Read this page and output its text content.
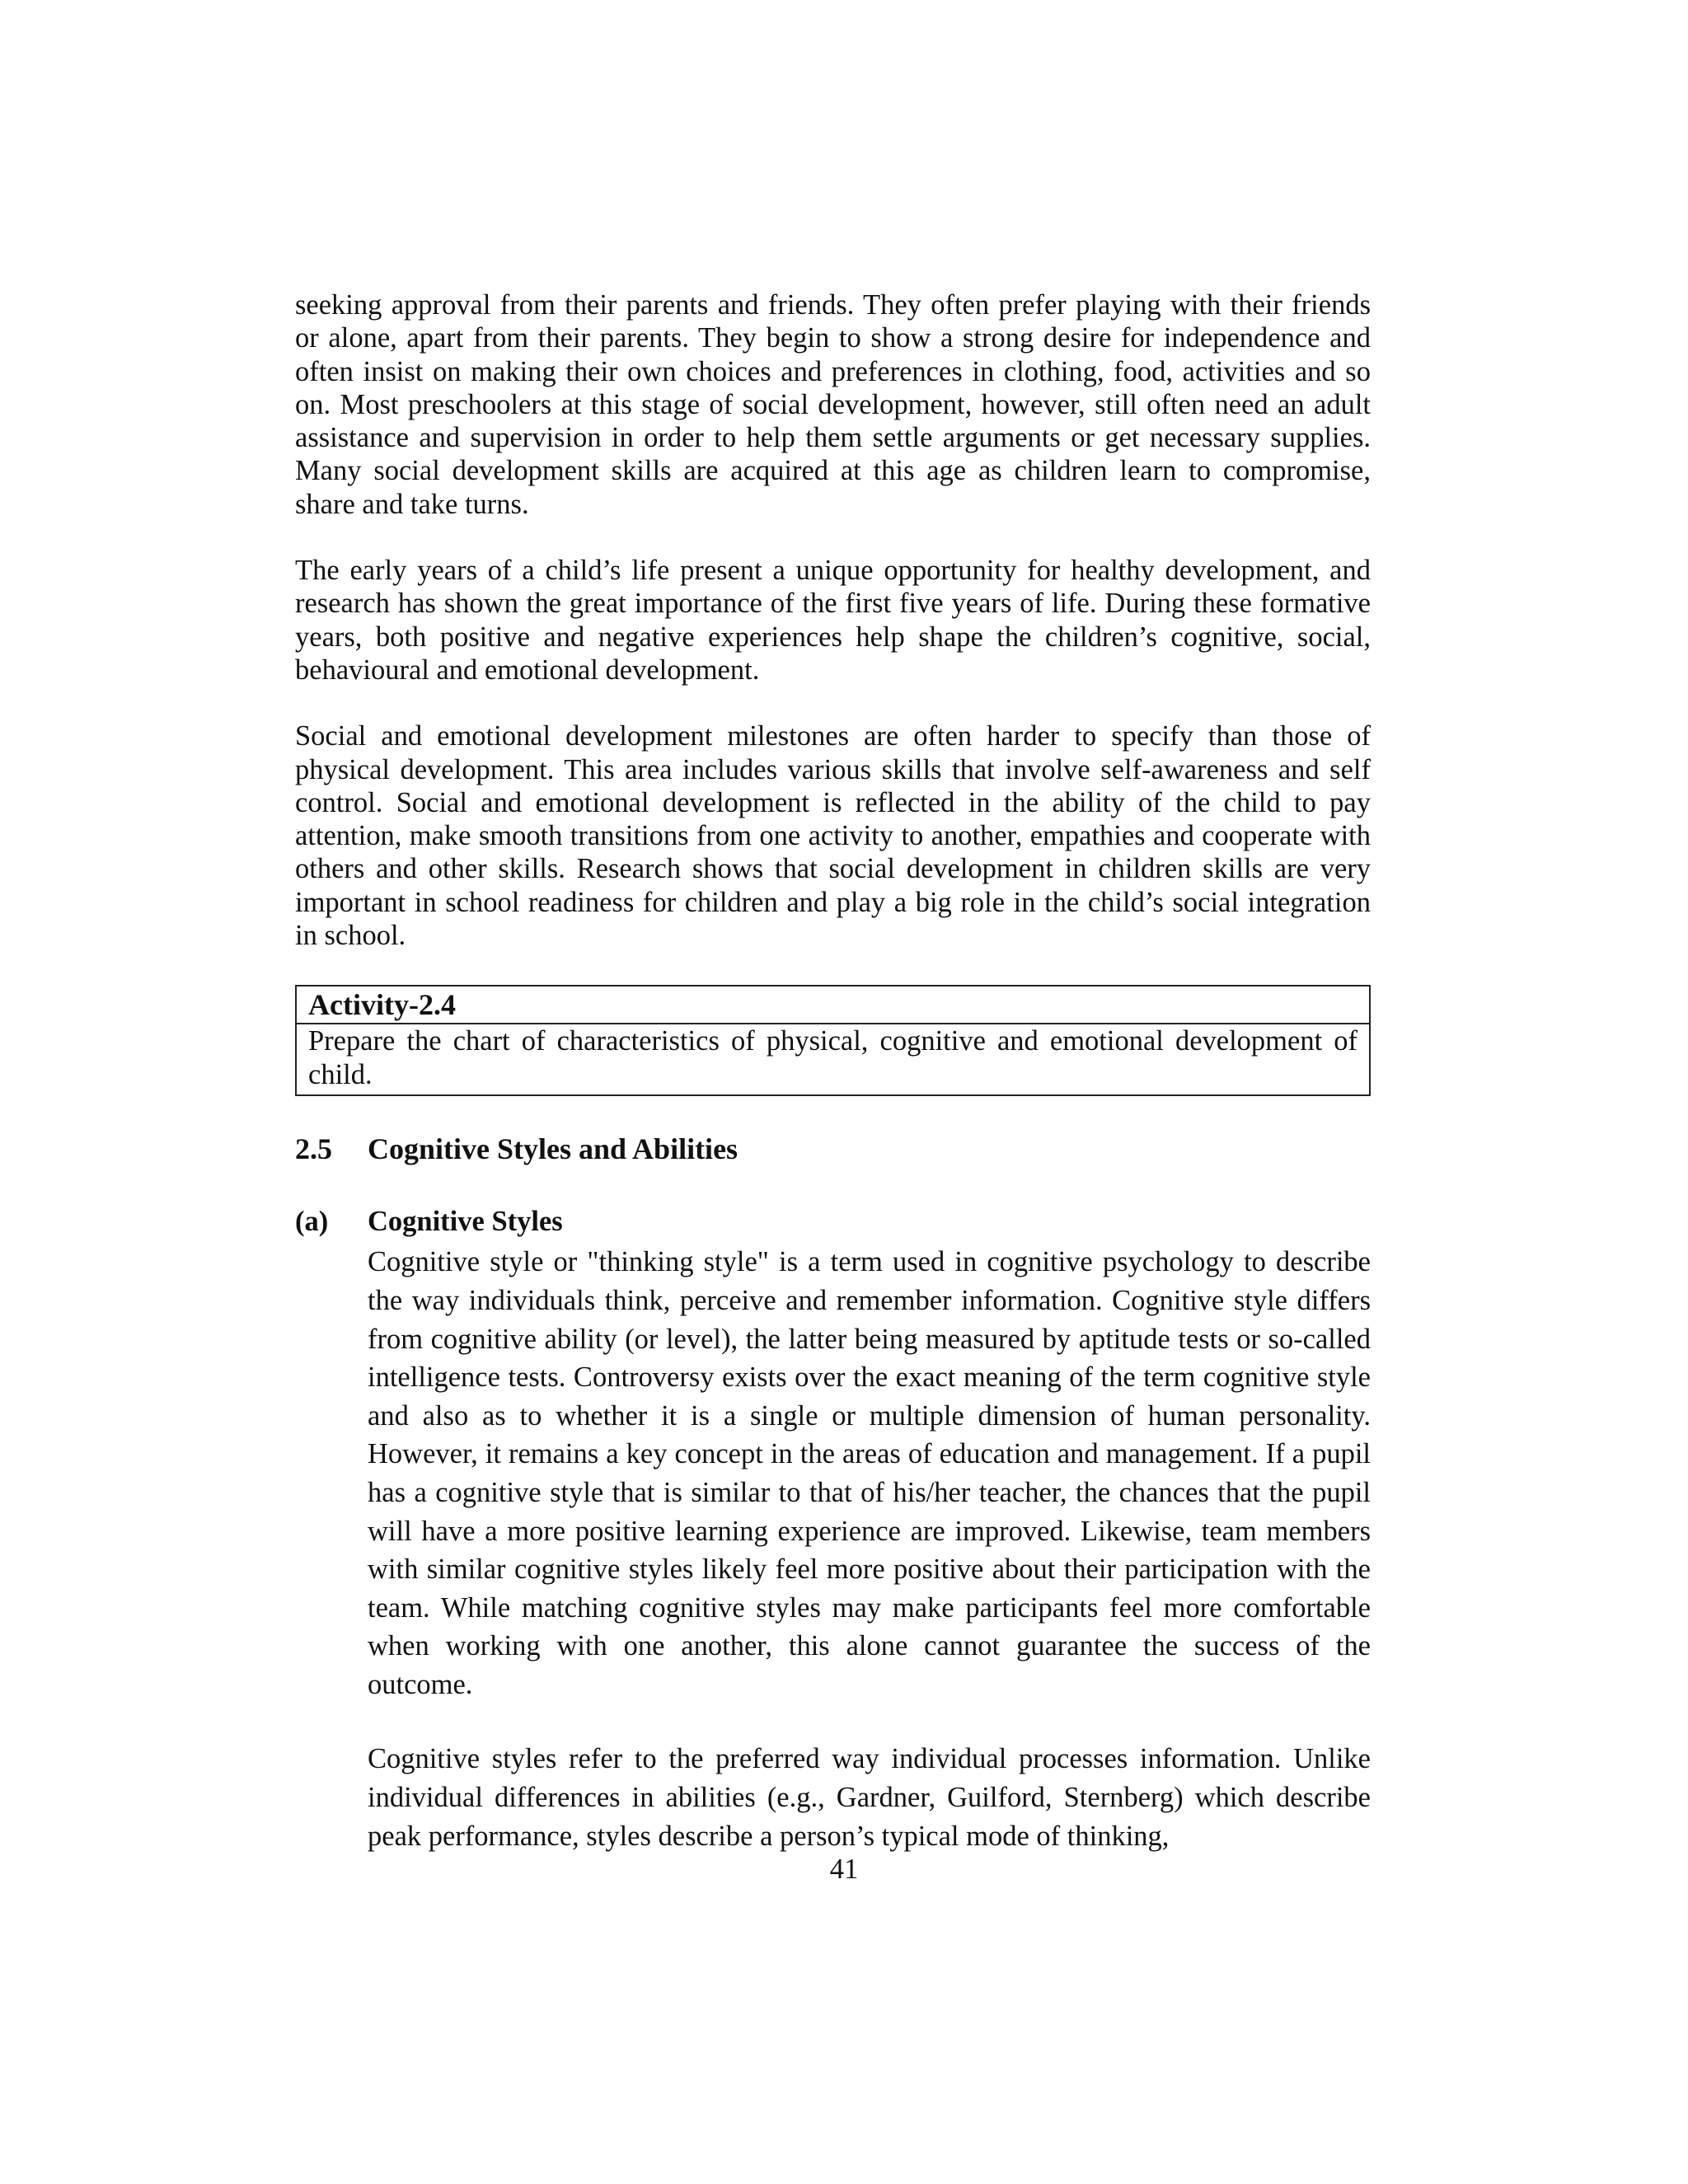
seeking approval from their parents and friends. They often prefer playing with their friends or alone, apart from their parents. They begin to show a strong desire for independence and often insist on making their own choices and preferences in clothing, food, activities and so on. Most preschoolers at this stage of social development, however, still often need an adult assistance and supervision in order to help them settle arguments or get necessary supplies. Many social development skills are acquired at this age as children learn to compromise, share and take turns.

The early years of a child’s life present a unique opportunity for healthy development, and research has shown the great importance of the first five years of life. During these formative years, both positive and negative experiences help shape the children’s cognitive, social, behavioural and emotional development.

Social and emotional development milestones are often harder to specify than those of physical development. This area includes various skills that involve self-awareness and self control. Social and emotional development is reflected in the ability of the child to pay attention, make smooth transitions from one activity to another, empathies and cooperate with others and other skills. Research shows that social development in children skills are very important in school readiness for children and play a big role in the child’s social integration in school.

Activity-2.4
Prepare the chart of characteristics of physical, cognitive and emotional development of child.
2.5	Cognitive Styles and Abilities
(a)	Cognitive Styles

Cognitive style or "thinking style" is a term used in cognitive psychology to describe the way individuals think, perceive and remember information. Cognitive style differs from cognitive ability (or level), the latter being measured by aptitude tests or so-called intelligence tests. Controversy exists over the exact meaning of the term cognitive style and also as to whether it is a single or multiple dimension of human personality. However, it remains a key concept in the areas of education and management. If a pupil has a cognitive style that is similar to that of his/her teacher, the chances that the pupil will have a more positive learning experience are improved. Likewise, team members with similar cognitive styles likely feel more positive about their participation with the team. While matching cognitive styles may make participants feel more comfortable when working with one another, this alone cannot guarantee the success of the outcome.

Cognitive styles refer to the preferred way individual processes information. Unlike individual differences in abilities (e.g., Gardner, Guilford, Sternberg) which describe peak performance, styles describe a person’s typical mode of thinking,

41
